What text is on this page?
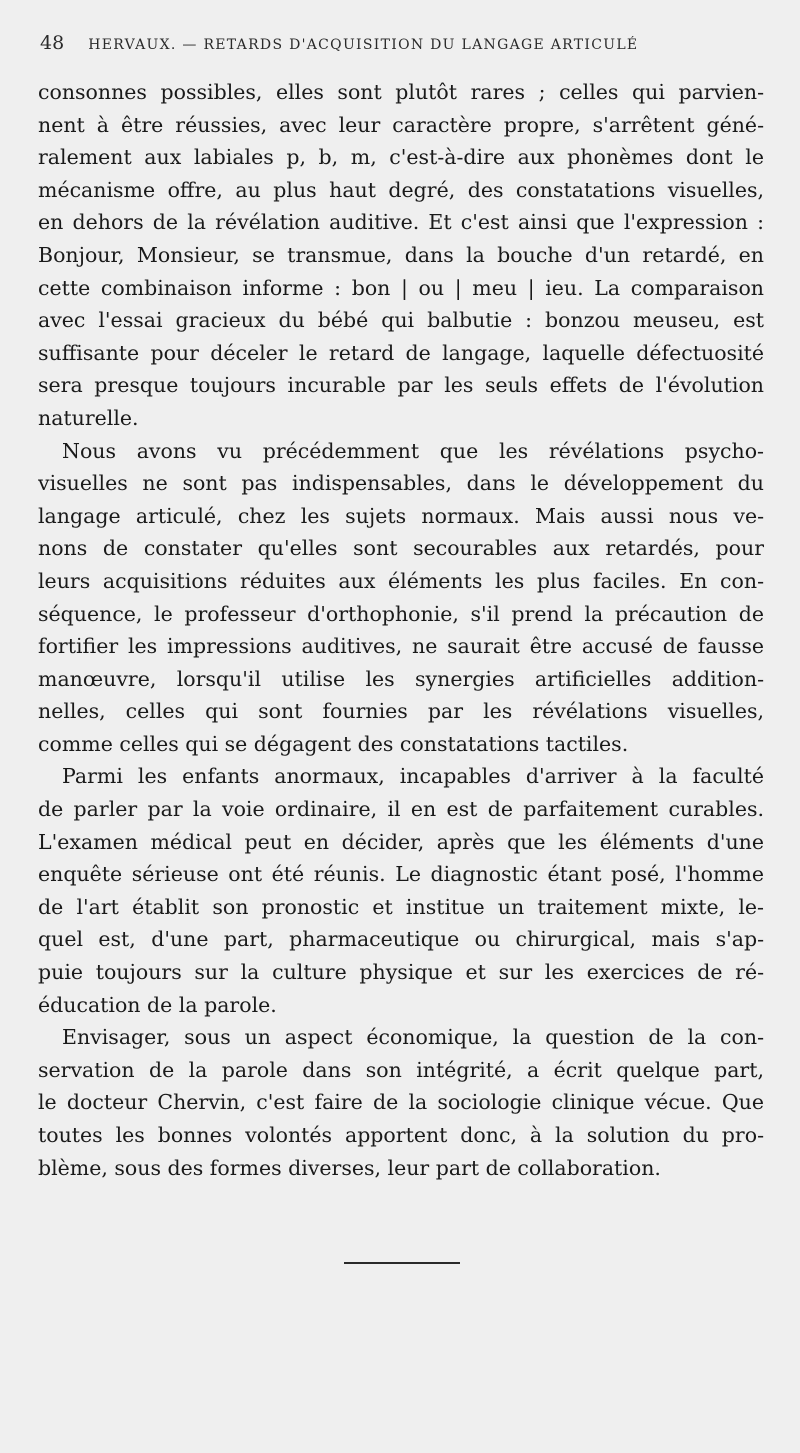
48 HERVAUX. — RETARDS D'ACQUISITION DU LANGAGE ARTICULÉ
consonnes possibles, elles sont plutôt rares ; celles qui parvien-
nent à être réussies, avec leur caractère propre, s'arrêtent géné-
ralement aux labiales p, b, m, c'est-à-dire aux phonèmes dont le
mécanisme offre, au plus haut degré, des constatations visuelles,
en dehors de la révélation auditive. Et c'est ainsi que l'expression :
Bonjour, Monsieur, se transmue, dans la bouche d'un retardé, en
cette combinaison informe : bon | ou | meu | ieu. La comparaison
avec l'essai gracieux du bébé qui balbutie : bonzou meuseu, est
suffisante pour déceler le retard de langage, laquelle défectuosité
sera presque toujours incurable par les seuls effets de l'évolution
naturelle.
Nous avons vu précédemment que les révélations psycho-
visuelles ne sont pas indispensables, dans le développement du
langage articulé, chez les sujets normaux. Mais aussi nous ve-
nons de constater qu'elles sont secourables aux retardés, pour
leurs acquisitions réduites aux éléments les plus faciles. En con-
séquence, le professeur d'orthophonie, s'il prend la précaution de
fortifier les impressions auditives, ne saurait être accusé de fausse
manœuvre, lorsqu'il utilise les synergies artificielles addition-
nelles, celles qui sont fournies par les révélations visuelles,
comme celles qui se dégagent des constatations tactiles.
Parmi les enfants anormaux, incapables d'arriver à la faculté
de parler par la voie ordinaire, il en est de parfaitement curables.
L'examen médical peut en décider, après que les éléments d'une
enquête sérieuse ont été réunis. Le diagnostic étant posé, l'homme
de l'art établit son pronostic et institue un traitement mixte, le-
quel est, d'une part, pharmaceutique ou chirurgical, mais s'ap-
puie toujours sur la culture physique et sur les exercices de ré-
éducation de la parole.
Envisager, sous un aspect économique, la question de la con-
servation de la parole dans son intégrité, a écrit quelque part,
le docteur Chervin, c'est faire de la sociologie clinique vécue. Que
toutes les bonnes volontés apportent donc, à la solution du pro-
blème, sous des formes diverses, leur part de collaboration.
